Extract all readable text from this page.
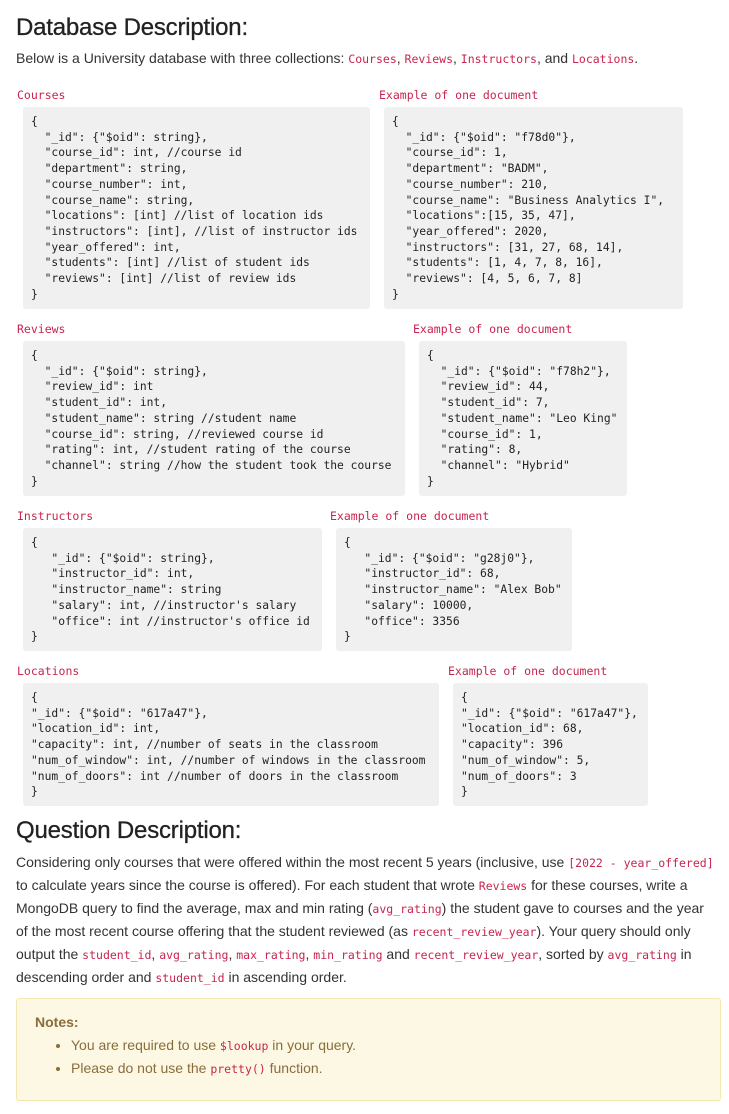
Database Description:
Below is a University database with three collections: Courses, Reviews, Instructors, and Locations.
Courses	Example of one document
{
"_id": {"$oid": string},
"course_id": int, //course id
"department": string,
"course_number": int,
"course_name": string,
"locations": [int] //list of location ids
"instructors": [int], //list of instructor ids
"year_offered": int,
"students": [int] //list of student ids
"reviews": [int] //list of review ids
}
{
"_id": {"$oid": "f78d0"},
"course_id": 1,
"department": "BADM",
"course_number": 210,
"course_name": "Business Analytics I",
"locations":[15, 35, 47],
"year_offered": 2020,
"instructors": [31, 27, 68, 14],
"students": [1, 4, 7, 8, 16],
"reviews": [4, 5, 6, 7, 8]
}
Reviews	Example of one document
{
"_id": {"$oid": string},
"review_id": int
"student_id": int,
"student_name": string //student name
"course_id": string, //reviewed course id
"rating": int, //student rating of the course
"channel": string //how the student took the course
}
{
"_id": {"$oid": "f78h2"},
"review_id": 44,
"student_id": 7,
"student_name": "Leo King"
"course_id": 1,
"rating": 8,
"channel": "Hybrid"
}
Instructors	Example of one document
{
"_id": {"$oid": string},
"instructor_id": int,
"instructor_name": string
"salary": int, //instructor's salary
"office": int //instructor's office id
}
{
"_id": {"$oid": "g28j0"},
"instructor_id": 68,
"instructor_name": "Alex Bob"
"salary": 10000,
"office": 3356
}
Locations	Example of one document
{
"_id": {"$oid": "617a47"},
"location_id": int,
"capacity": int, //number of seats in the classroom
"num_of_window": int, //number of windows in the classroom
"num_of_doors": int //number of doors in the classroom
}
{
"_id": {"$oid": "617a47"},
"location_id": 68,
"capacity": 396
"num_of_window": 5,
"num_of_doors": 3
}
Question Description:
Considering only courses that were offered within the most recent 5 years (inclusive, use [2022 - year_offered] to calculate years since the course is offered). For each student that wrote Reviews for these courses, write a MongoDB query to find the average, max and min rating (avg_rating) the student gave to courses and the year of the most recent course offering that the student reviewed (as recent_review_year). Your query should only output the student_id, avg_rating, max_rating, min_rating and recent_review_year, sorted by avg_rating in descending order and student_id in ascending order.
Notes:
• You are required to use $lookup in your query.
• Please do not use the pretty() function.
